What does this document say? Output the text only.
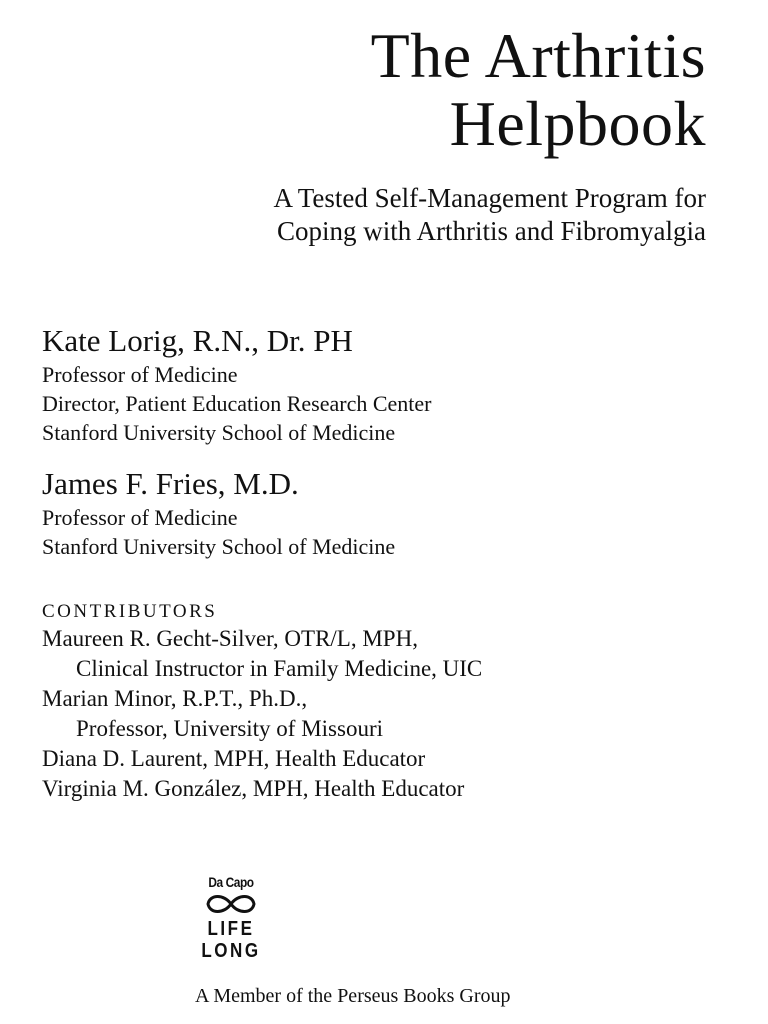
The Arthritis
Helpbook
A Tested Self-Management Program for
Coping with Arthritis and Fibromyalgia
Kate Lorig, R.N., Dr. PH
Professor of Medicine
Director, Patient Education Research Center
Stanford University School of Medicine
James F. Fries, M.D.
Professor of Medicine
Stanford University School of Medicine
CONTRIBUTORS
Maureen R. Gecht-Silver, OTR/L, MPH,
Clinical Instructor in Family Medicine, UIC
Marian Minor, R.P.T., Ph.D.,
Professor, University of Missouri
Diana D. Laurent, MPH, Health Educator
Virginia M. González, MPH, Health Educator
Da Capo
LIFE
LONG
A Member of the Perseus Books Group
